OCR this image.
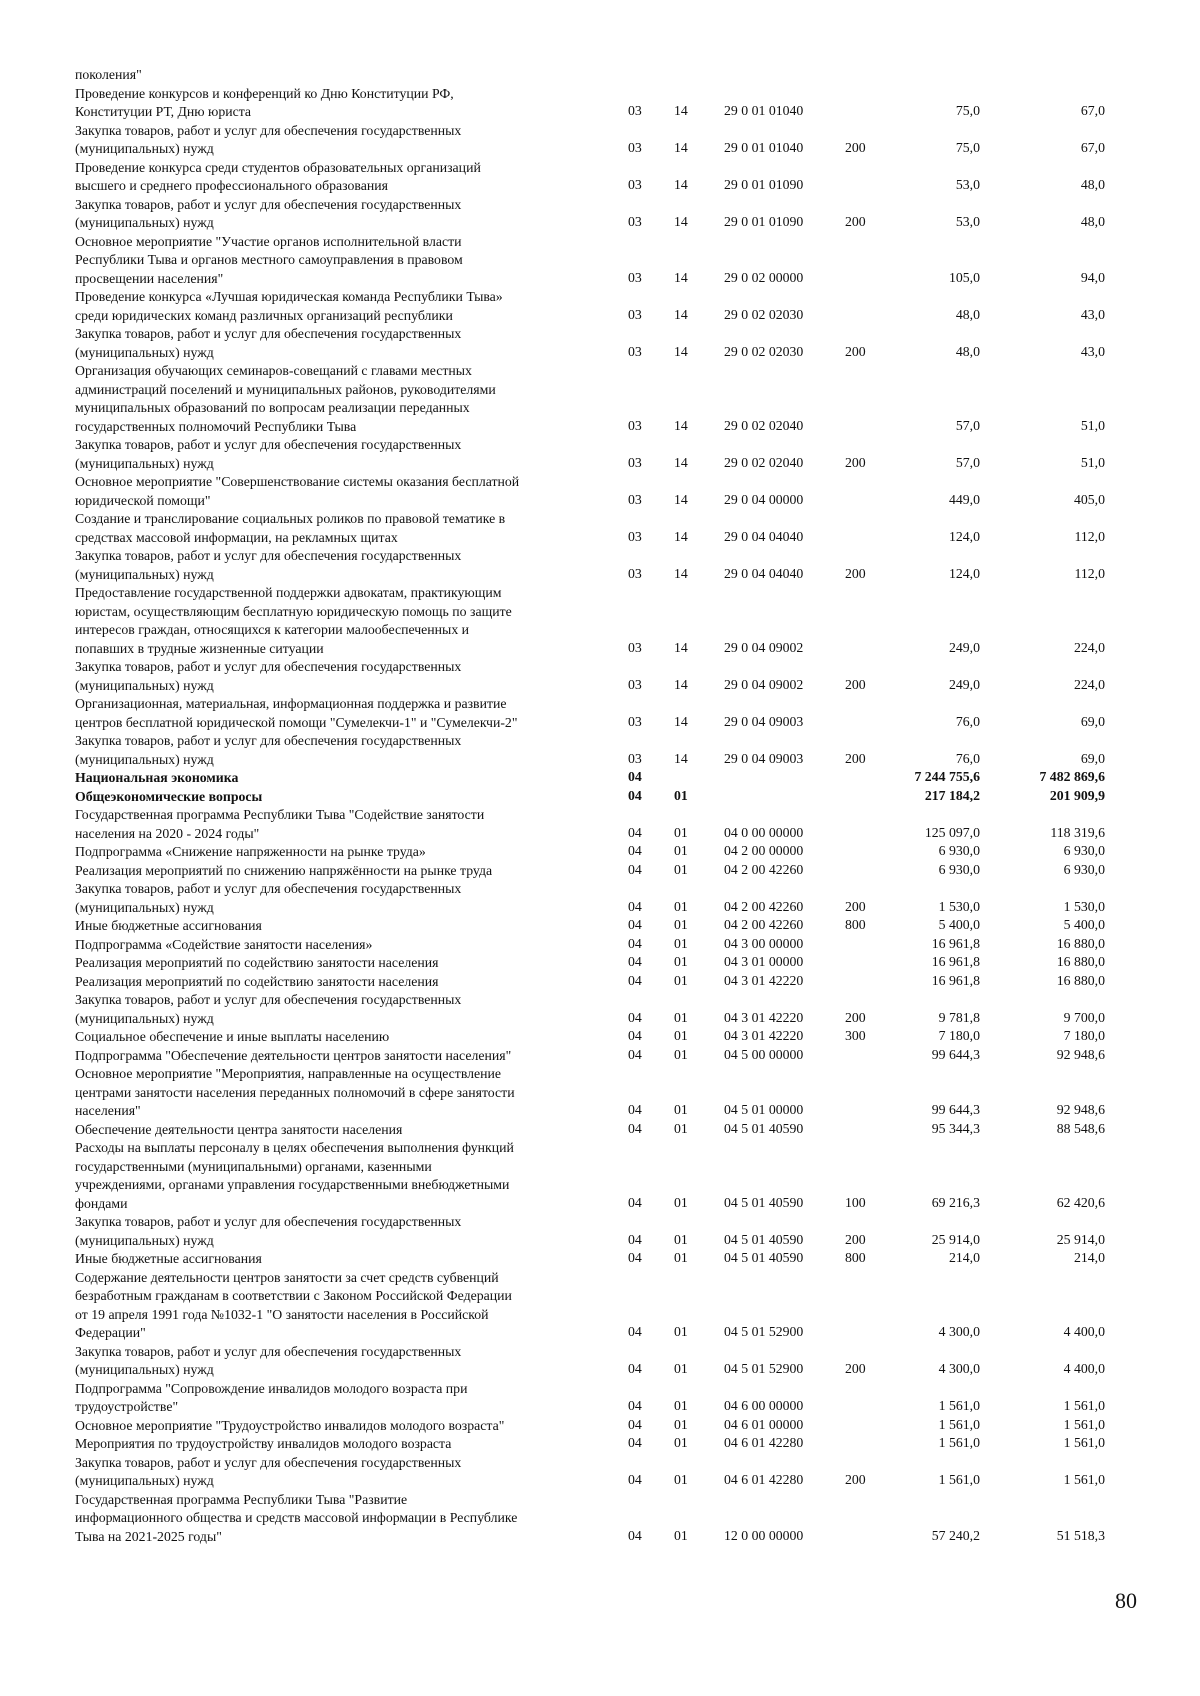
поколения"
Проведение конкурсов и конференций ко Дню Конституции РФ,
Конституции РТ, Дню юриста	03 14	29 0 01 01040	75,0	67,0
Закупка товаров, работ и услуг для обеспечения государственных
(муниципальных) нужд	03 14	29 0 01 01040	200	75,0	67,0
Проведение конкурса среди студентов образовательных организаций
высшего и среднего профессионального образования	03 14	29 0 01 01090	53,0	48,0
Закупка товаров, работ и услуг для обеспечения государственных
(муниципальных) нужд	03 14	29 0 01 01090	200	53,0	48,0
Основное мероприятие "Участие органов исполнительной власти
Республики Тыва и органов местного самоуправления в правовом
просвещении населения"	03 14	29 0 02 00000	105,0	94,0
Проведение конкурса «Лучшая юридическая команда Республики Тыва»
среди юридических команд различных организаций республики	03 14	29 0 02 02030	48,0	43,0
Закупка товаров, работ и услуг для обеспечения государственных
(муниципальных) нужд	03 14	29 0 02 02030	200	48,0	43,0
Организация обучающих семинаров-совещаний с главами местных
администраций поселений и муниципальных районов, руководителями
муниципальных образований по вопросам реализации переданных
государственных полномочий Республики Тыва	03 14	29 0 02 02040	57,0	51,0
Закупка товаров, работ и услуг для обеспечения государственных
(муниципальных) нужд	03 14	29 0 02 02040	200	57,0	51,0
Основное мероприятие "Совершенствование системы оказания бесплатной
юридической помощи"	03 14	29 0 04 00000	449,0	405,0
Создание и транслирование социальных роликов по правовой тематике в
средствах массовой информации, на рекламных щитах	03 14	29 0 04 04040	124,0	112,0
Закупка товаров, работ и услуг для обеспечения государственных
(муниципальных) нужд	03 14	29 0 04 04040	200	124,0	112,0
Предоставление государственной поддержки адвокатам, практикующим
юристам, осуществляющим бесплатную юридическую помощь по защите
интересов граждан, относящихся к категории малообеспеченных и
попавших в трудные жизненные ситуации	03 14	29 0 04 09002	249,0	224,0
Закупка товаров, работ и услуг для обеспечения государственных
(муниципальных) нужд	03 14	29 0 04 09002	200	249,0	224,0
Организационная, материальная, информационная поддержка и развитие
центров бесплатной юридической помощи "Сумелекчи-1" и "Сумелекчи-2"	03 14	29 0 04 09003	76,0	69,0
Закупка товаров, работ и услуг для обеспечения государственных
(муниципальных) нужд	03 14	29 0 04 09003	200	76,0	69,0
Национальная экономика	04	7 244 755,6	7 482 869,6
Общеэкономические вопросы	04 01	217 184,2	201 909,9
Государственная программа Республики Тыва "Содействие занятости
населения на 2020 - 2024 годы"	04 01	04 0 00 00000	125 097,0	118 319,6
Подпрограмма «Снижение напряженности на рынке труда»	04 01	04 2 00 00000	6 930,0	6 930,0
Реализация мероприятий по снижению напряжённости на рынке труда	04 01	04 2 00 42260	6 930,0	6 930,0
Закупка товаров, работ и услуг для обеспечения государственных
(муниципальных) нужд	04 01	04 2 00 42260	200	1 530,0	1 530,0
Иные бюджетные ассигнования	04 01	04 2 00 42260	800	5 400,0	5 400,0
Подпрограмма «Содействие занятости населения»	04 01	04 3 00 00000	16 961,8	16 880,0
Реализация мероприятий по содействию занятости населения	04 01	04 3 01 00000	16 961,8	16 880,0
Реализация мероприятий по содействию занятости населения	04 01	04 3 01 42220	16 961,8	16 880,0
Закупка товаров, работ и услуг для обеспечения государственных
(муниципальных) нужд	04 01	04 3 01 42220	200	9 781,8	9 700,0
Социальное обеспечение и иные выплаты населению	04 01	04 3 01 42220	300	7 180,0	7 180,0
Подпрограмма "Обеспечение деятельности центров занятости населения"	04 01	04 5 00 00000	99 644,3	92 948,6
Основное мероприятие "Мероприятия, направленные на осуществление
центрами занятости населения переданных полномочий в сфере занятости
населения"	04 01	04 5 01 00000	99 644,3	92 948,6
Обеспечение деятельности центра занятости населения	04 01	04 5 01 40590	95 344,3	88 548,6
Расходы на выплаты персоналу в целях обеспечения выполнения функций
государственными (муниципальными) органами, казенными
учреждениями, органами управления государственными внебюджетными
фондами	04 01	04 5 01 40590	100	69 216,3	62 420,6
Закупка товаров, работ и услуг для обеспечения государственных
(муниципальных) нужд	04 01	04 5 01 40590	200	25 914,0	25 914,0
Иные бюджетные ассигнования	04 01	04 5 01 40590	800	214,0	214,0
Содержание деятельности центров занятости за счет средств субвенций
безработным гражданам в соответствии с Законом Российской Федерации
от 19 апреля 1991 года №1032-1 "О занятости населения в Российской
Федерации"	04 01	04 5 01 52900	4 300,0	4 400,0
Закупка товаров, работ и услуг для обеспечения государственных
(муниципальных) нужд	04 01	04 5 01 52900	200	4 300,0	4 400,0
Подпрограмма "Сопровождение инвалидов молодого возраста при
трудоустройстве"	04 01	04 6 00 00000	1 561,0	1 561,0
Основное мероприятие "Трудоустройство инвалидов молодого возраста"	04 01	04 6 01 00000	1 561,0	1 561,0
Мероприятия по трудоустройству инвалидов молодого возраста	04 01	04 6 01 42280	1 561,0	1 561,0
Закупка товаров, работ и услуг для обеспечения государственных
(муниципальных) нужд	04 01	04 6 01 42280	200	1 561,0	1 561,0
Государственная программа Республики Тыва "Развитие
информационного общества и средств массовой информации в Республике
Тыва на 2021-2025 годы"	04 01	12 0 00 00000	57 240,2	51 518,3
80
